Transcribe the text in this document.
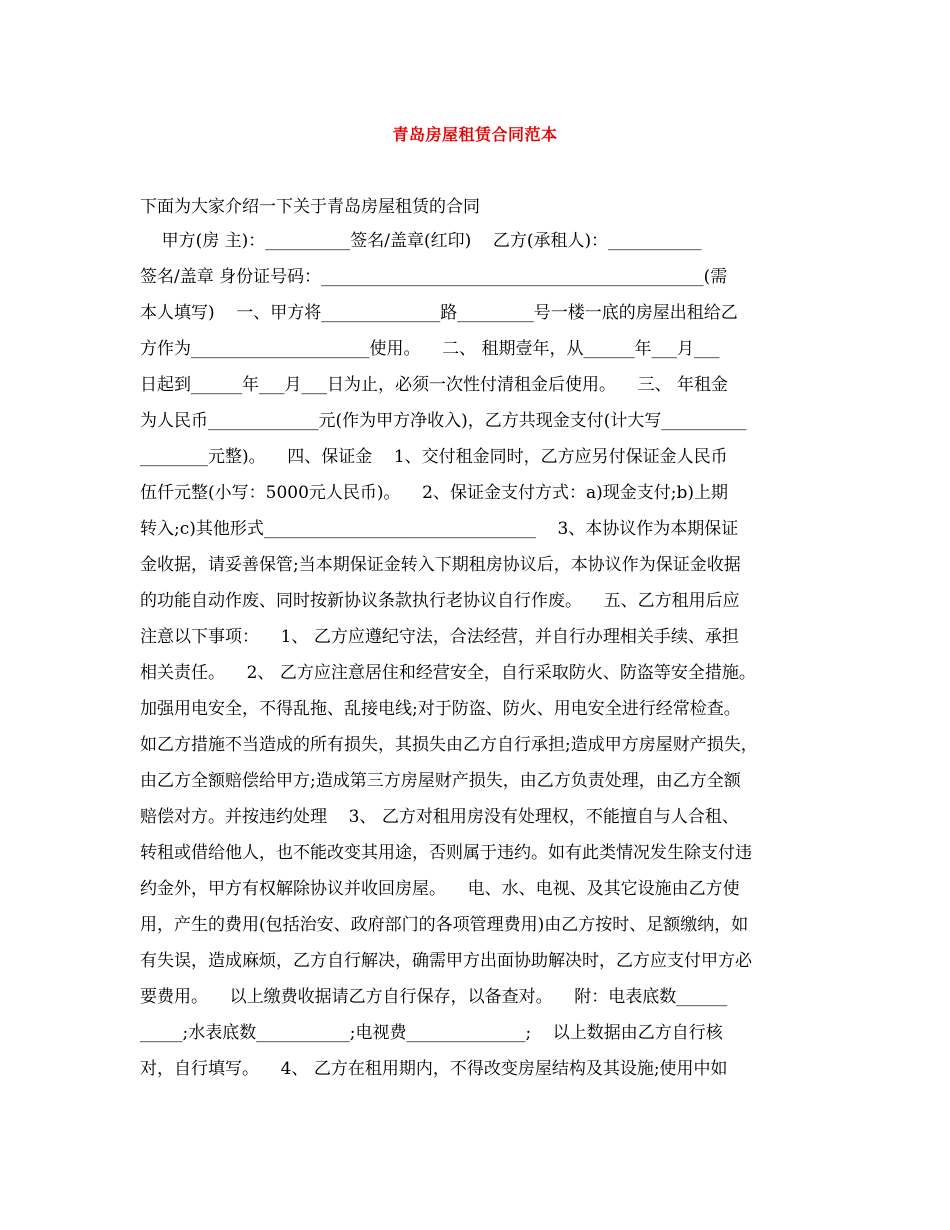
青岛房屋租赁合同范本
下面为大家介绍一下关于青岛房屋租赁的合同
甲方(房 主)：__________签名/盖章(红印)    乙方(承租人)：___________
签名/盖章 身份证号码：_____________________________________________(需
本人填写)    一、甲方将______________路_________号一楼一底的房屋出租给乙
方作为_____________________使用。    二、 租期壹年，从______年___月___
日起到______年___月___日为止，必须一次性付清租金后使用。    三、 年租金
为人民币_____________元(作为甲方净收入)，乙方共现金支付(计大写__________
________元整)。    四、保证金    1、交付租金同时，乙方应另付保证金人民币
伍仟元整(小写：5000元人民币)。    2、保证金支付方式：a)现金支付;b)上期
转入;c)其他形式________________________________    3、本协议作为本期保证
金收据，请妥善保管;当本期保证金转入下期租房协议后，本协议作为保证金收据
的功能自动作废、同时按新协议条款执行老协议自行作废。    五、乙方租用后应
注意以下事项：    1、 乙方应遵纪守法，合法经营，并自行办理相关手续、承担
相关责任。    2、 乙方应注意居住和经营安全，自行采取防火、防盗等安全措施。
加强用电安全，不得乱拖、乱接电线;对于防盗、防火、用电安全进行经常检查。
如乙方措施不当造成的所有损失，其损失由乙方自行承担;造成甲方房屋财产损失，
由乙方全额赔偿给甲方;造成第三方房屋财产损失，由乙方负责处理，由乙方全额
赔偿对方。并按违约处理    3、 乙方对租用房没有处理权，不能擅自与人合租、
转租或借给他人，也不能改变其用途，否则属于违约。如有此类情况发生除支付违
约金外，甲方有权解除协议并收回房屋。    电、水、电视、及其它设施由乙方使
用，产生的费用(包括治安、政府部门的各项管理费用)由乙方按时、足额缴纳，如
有失误，造成麻烦，乙方自行解决，确需甲方出面协助解决时，乙方应支付甲方必
要费用。    以上缴费收据请乙方自行保存，以备查对。    附：电表底数______
_____;水表底数___________;电视费______________;    以上数据由乙方自行核
对，自行填写。    4、 乙方在租用期内，不得改变房屋结构及其设施;使用中如
